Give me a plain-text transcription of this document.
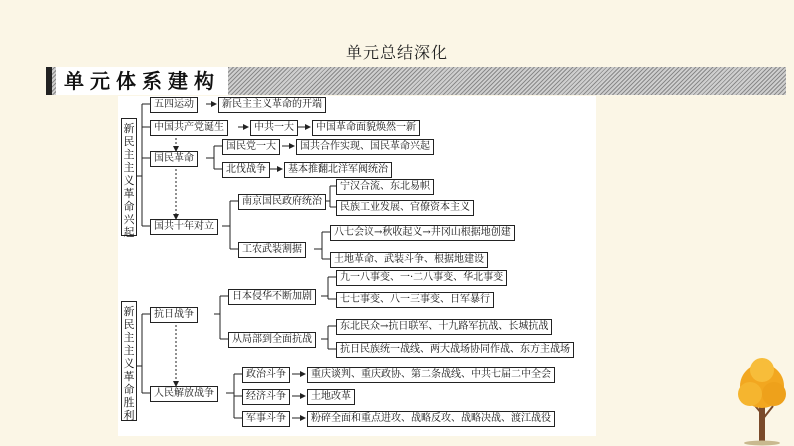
单元总结深化
单元体系建构
新民主主义革命兴起
新民主主义革命胜利
五四运动	新民主主义革命的开端
中国共产党诞生	中共一大	中国革命面貌焕然一新
国民革命
国民党一大	国共合作实现、国民革命兴起
北伐战争	基本推翻北洋军阀统治
国共十年对立
南京国民政府统治
宁汉合流、东北易帜
民族工业发展、官僚资本主义
工农武装割据
八七会议→秋收起义→井冈山根据地创建
土地革命、武装斗争、根据地建设
抗日战争
日本侵华不断加剧
九一八事变、一·二八事变、华北事变
七七事变、八一三事变、日军暴行
从局部到全面抗战
东北民众→抗日联军、十九路军抗战、长城抗战
抗日民族统一战线、两大战场协同作战、东方主战场
人民解放战争
政治斗争	重庆谈判、重庆政协、第二条战线、中共七届二中全会
经济斗争	土地改革
军事斗争	粉碎全面和重点进攻、战略反攻、战略决战、渡江战役
